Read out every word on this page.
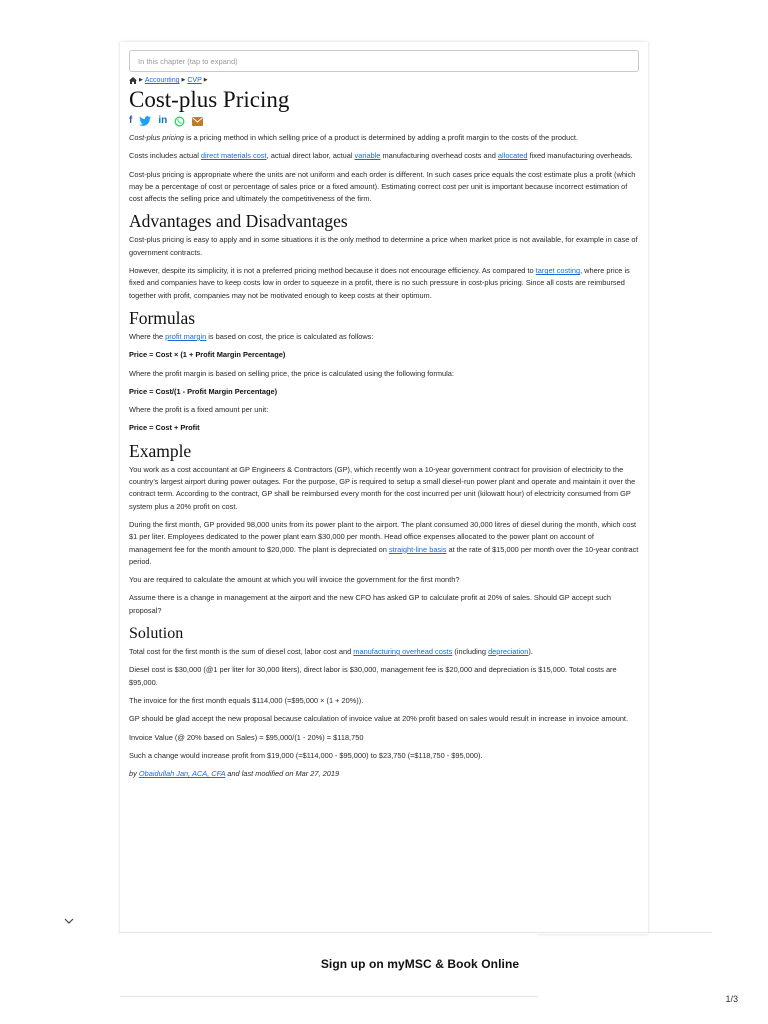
In this chapter (tap to expand)
▶ Accounting ▶ CVP ▶
Cost-plus Pricing
f	in

Cost-plus pricing is a pricing method in which selling price of a product is determined by adding a profit margin to the costs of the product.

Costs includes actual direct materials cost, actual direct labor, actual variable manufacturing overhead costs and allocated fixed manufacturing overheads.

Cost-plus pricing is appropriate where the units are not uniform and each order is different. In such cases price equals the cost estimate plus a profit (which may be a percentage of cost or percentage of sales price or a fixed amount). Estimating correct cost per unit is important because incorrect estimation of cost affects the selling price and ultimately the competitiveness of the firm.

Advantages and Disadvantages

Cost-plus pricing is easy to apply and in some situations it is the only method to determine a price when market price is not available, for example in case of government contracts.

However, despite its simplicity, it is not a preferred pricing method because it does not encourage efficiency. As compared to target costing, where price is fixed and companies have to keep costs low in order to squeeze in a profit, there is no such pressure in cost-plus pricing. Since all costs are reimbursed together with profit, companies may not be motivated enough to keep costs at their optimum.

Formulas

Where the profit margin is based on cost, the price is calculated as follows:

Price = Cost × (1 + Profit Margin Percentage)

Where the profit margin is based on selling price, the price is calculated using the following formula:

Price = Cost/(1 - Profit Margin Percentage)

Where the profit is a fixed amount per unit:

Price = Cost + Profit

Example

You work as a cost accountant at GP Engineers & Contractors (GP), which recently won a 10-year government contract for provision of electricity to the country’s largest airport during power outages. For the purpose, GP is required to setup a small diesel-run power plant and operate and maintain it over the contract term. According to the contract, GP shall be reimbursed every month for the cost incurred per unit (kilowatt hour) of electricity consumed from GP system plus a 20% profit on cost.

During the first month, GP provided 98,000 units from its power plant to the airport. The plant consumed 30,000 litres of diesel during the month, which cost $1 per liter. Employees dedicated to the power plant earn $30,000 per month. Head office expenses allocated to the power plant on account of management fee for the month amount to $20,000. The plant is depreciated on straight-line basis at the rate of $15,000 per month over the 10-year contract period.

You are required to calculate the amount at which you will invoice the government for the first month?

Assume there is a change in management at the airport and the new CFO has asked GP to calculate profit at 20% of sales. Should GP accept such proposal?

Solution

Total cost for the first month is the sum of diesel cost, labor cost and manufacturing overhead costs (including depreciation).

Diesel cost is $30,000 (@1 per liter for 30,000 liters), direct labor is $30,000, management fee is $20,000 and depreciation is $15,000. Total costs are $95,000.

The invoice for the first month equals $114,000 (=$95,000 × (1 + 20%)).

GP should be glad accept the new proposal because calculation of invoice value at 20% profit based on sales would result in increase in invoice amount.

Invoice Value (@ 20% based on Sales) = $95,000/(1 - 20%) = $118,750

Such a change would increase profit from $19,000 (=$114,000 - $95,000) to $23,750 (=$118,750 - $95,000).

by Obaidullah Jan, ACA, CFA and last modified on Mar 27, 2019

Sign up on myMSC & Book Online
1/3
